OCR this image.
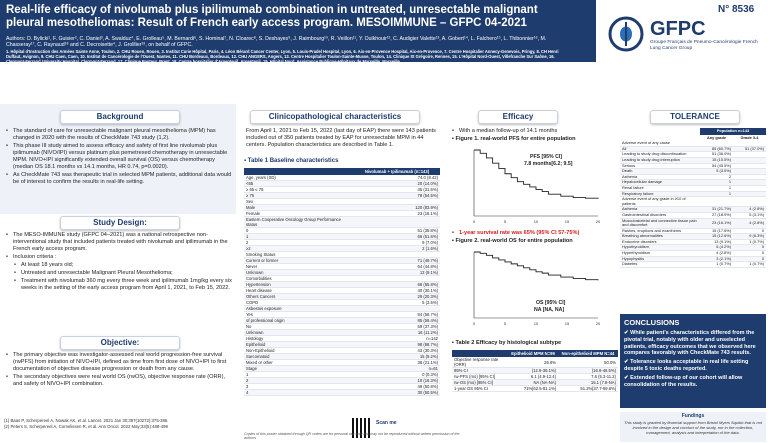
Real-life efficacy of nivolumab plus ipilimumab combination in untreated, unresectable malignant pleural mesotheliomas: Result of French early access program. MESOIMMUNE – GFPC 04-2021
Authors: O. Bylicki¹, F. Guisier², C. Daniel³, A. Swalduz⁴, E. Grolleau⁵, M. Bernardi⁶, S. Hominal⁷, N. Cloarec⁸, S. Deshayes⁹, J. Raimbourg¹⁰, R. Veillon¹¹, Y. Oulkhouir¹², C. Audigier Valette¹³, A. Gobert¹⁴, L. Falchero¹⁵, L. Thibonnier¹⁶, M. Chasseray¹⁷, C. Raynaud¹⁸ and C. Decroisette⁴, J. Grolllier¹⁹, on behalf of GFPC.
1. Hôpital d'Instruction des Armées Sainte Anne, Toulon, 2. CHU Rouen, Rouen, 3. Institut Curie Hôpital, Paris, 4. Léon Bérard Cancer Center, Lyon, 5. Louis-Pradel Hospital, Lyon, 6. Aix-en-Provence Hospital, Aix-en-Provence, 7. Centre Hospitalier Annecy-Genevois, Pringy, 8. CH Henri Duffaut, Avignon, 9. CHU Caen, Caen, 10. Institut de Cancérologie de l'Ouest, Nantes, 11. CHU Bordeaux, Bordeaux, 12. CHU ANGERS, Angers, 13. Centre Hospitalier Toulon-Sainte-Musse, Toulon, 14. Clinique St Grégoire, Rennes, 15. L'Hôpital Nord-Ouest, Villefranche Sur Saône, 16. Clermont-Ferrand University Hospital, Clermont-Ferrand, 17. Clinique Pasteur, Brest, 18. Centre hospitalier d'Argenteuil, Argenteuil, 19. Hôpital Nord, Assistance Publique-Hôpitaux de Marseille, Marseille.
GFPC
Groupe Français de Pneumo-Cancérologie French Lung Cancer Group
N° 8536
Background
• The standard of care for unresectable malignant pleural mesothelioma (MPM) has changed in 2020 with the results of CheckMate 743 study (1,2).
• This phase III study aimed to assess efficacy and safety of first line nivolumab plus ipilimumab (NIVO/IPI) versus platinum plus pemetrexed chemotherapy in unresectable MPM. NIVO+IPI significantly extended overall survival (OS) versus chemotherapy (median OS 18.1 months vs 14.1 months, HR 0.74, p=0.0020).
• As CheckMate 743 was therapeutic trial in selected MPM patients, additional data would be of interest to confirm the results in real-life setting.
Study Design:
• The MESO-IMMUNE study (GFPC 04–2021) was a national retrospective non-interventional study that included patients treated with nivolumab and ipilimumab in the French early access program.
• Inclusion criteria :
• At least 18 years old;
• Untreated and unresectable Malignant Pleural Mesothelioma;
• Treatment with nivolumab 360 mg every three week and ipilimumab 1mg/kg every six weeks in the setting of the early access program from April 1, 2021, to Feb 15, 2022.
Objective:
• The primary objective was investigator-assessed real world progression-free survival (rwPFS) from initiation of NIVO+IPI, defined as time from first dose of NIVO+IPI to first documentation of objective disease progression or death from any cause.
• The secondary objectives were real world OS (rwOS), objective response rate (ORR), and safety of NIVO+IPI combination.
(1) Baas P, Scherpereel A, Nowak AK, et al. Lancet. 2021 Jan 30;397(10272):375-386.
(2) Peters S, Scherpereel A, Cornelissen R, et al. Ann Oncol. 2022 May;33(5):488-499
Clinicopathological characteristics
From April 1, 2021 to Feb 15, 2022 (last day of EAP) there were 143 patients included out of 350 patients treated by EAP for unresectable MPM in 44 centers. Population characteristics are described in Table 1.
▪ Table 1 Baseline characteristics
	Nivolumab + Ipilimumab (n=143)
Age, years (SD)	74.0 (8.42)
<65	20 (14.0%)
≥ 65 ≤ 75	45 (31.5%)
≥ 75	78 (54.5%)
Sex	
Male	120 (83.9%)
Female	23 (16.1%)
Eastern Cooperative Oncology Group Performance status	
0	51 (35.8%)
1	66 (51.6%)
2	9 (7.0%)
≥2	2 (1.6%)
Smoking Status	
Current or former	71 (49.7%)
Never	64 (44.8%)
Unknown	13 (9.1%)
Comorbidities	
Hypertension	68 (55.8%)
Heart disease	40 (30.1%)
Others Cancers	29 (20.3%)
COPD	5 (3.5%)
Asbestos exposure	
Yes	84 (58.7%)
of professional origin	85 (59.4%)
No	59 (37.3%)
Unknown	16 (11.2%)
Histology	n=142
Epithelioid	98 (68.7%)
Non-Epithelioid	43 (30.3%)
Sarcomatoid	15 (9.2%)
Mixed or other	38 (21.1%)
Stage	n=61
1	0 (0.3%)
2	10 (16.3%)
3	49 (50.8%)
4	30 (50.5%)
Scan me
Copies of this poster obtained through QR codes are for personal use only and may not be reproduced without written permission of the authors
Efficacy
• With a median follow-up of 14.1 months
▪ Figure 1. real-world PFS for entire population
0	5	10	15	20
PFS [95% CI]
7.8 months[6.2; 9.5]
• 1-year survival rate was 65% (95% CI 57-75%)
▪ Figure 2. real-world OS for entire population
0	5	10	15	20
OS [95% CI]
NA [NA, NA]
▪ Table 2 Efficacy by histological subtype
	Epithelioid MPM N=99	Non-epithelioid MPM N=44
Objective response rate (ORR)	26.6%	50.0%
95% CI	(12.6-36.1%)	(16.6-46.5%)
rw-PFS (mo) [95% CI]	6.1 (4.9-12.4)	7.6 (5.3-11.2)
rw-OS (mo) [95% CI]	NA (NA-NA)	15.1 (7.8-NA)
1-year OS 95% CI	71%[62.5-81.1%]	51.2%[37.7-69.6%]
TOLERANCE
	Population n=143	
	Any grade	Grade 3-4
Adverse event of any cause		
All	85 (60.7%)	51 (37.0%)
Leading to study drug discontinuation	51 (36.0%)	
Leading to study drug interruption	15 (15.5%)	
Serious	54 (45.5%)	
Death	5 (3.5%)	
Asthenia	2	
Hepatocellular damage	1	
Renal failure	1	
Respiratory failure	1	
Adverse event of any grade in ≥10 of patients		
Asthenia	31 (21.7%)	4 (2.8%)
Gastrointestinal disorders	27 (18.9%)	5 (3.1%)
Musculoskeletal and connective tissue pain and discomfort	23 (16.1%)	4 (2.8%)
Rashes, eruptions and exanthems	15 (17.6%)	0
Breathing abnormalities	15 (12.6%)	9 (6.3%)
Endocrine disorders	13 (9.1%)	1 (0.7%)
Hypothyroidism	6 (4.2%)	0
Hyperthyroidism	4 (2.8%)	0
Hypophysitis	3 (2.1%)	0
Diabetes	1 (0.7%)	1 (0.7%)
CONCLUSIONS
✔ While patient's characteristics differed from the pivotal trial, notably with older and unselected patients, efficacy outcomes that we observed here compares favorably with CheckMate 743 results.
✔ Tolerance looks acceptable in real life setting despite 5 toxic deaths reported.
✔ Extended follow-up of our cohort will allow consolidation of the results.
Fundings
This study is granted by financial support from Bristol Myers Squibb that is not involved in the design and conduct of the study, nor in the collection, management, analysis and interpretation of the data.
